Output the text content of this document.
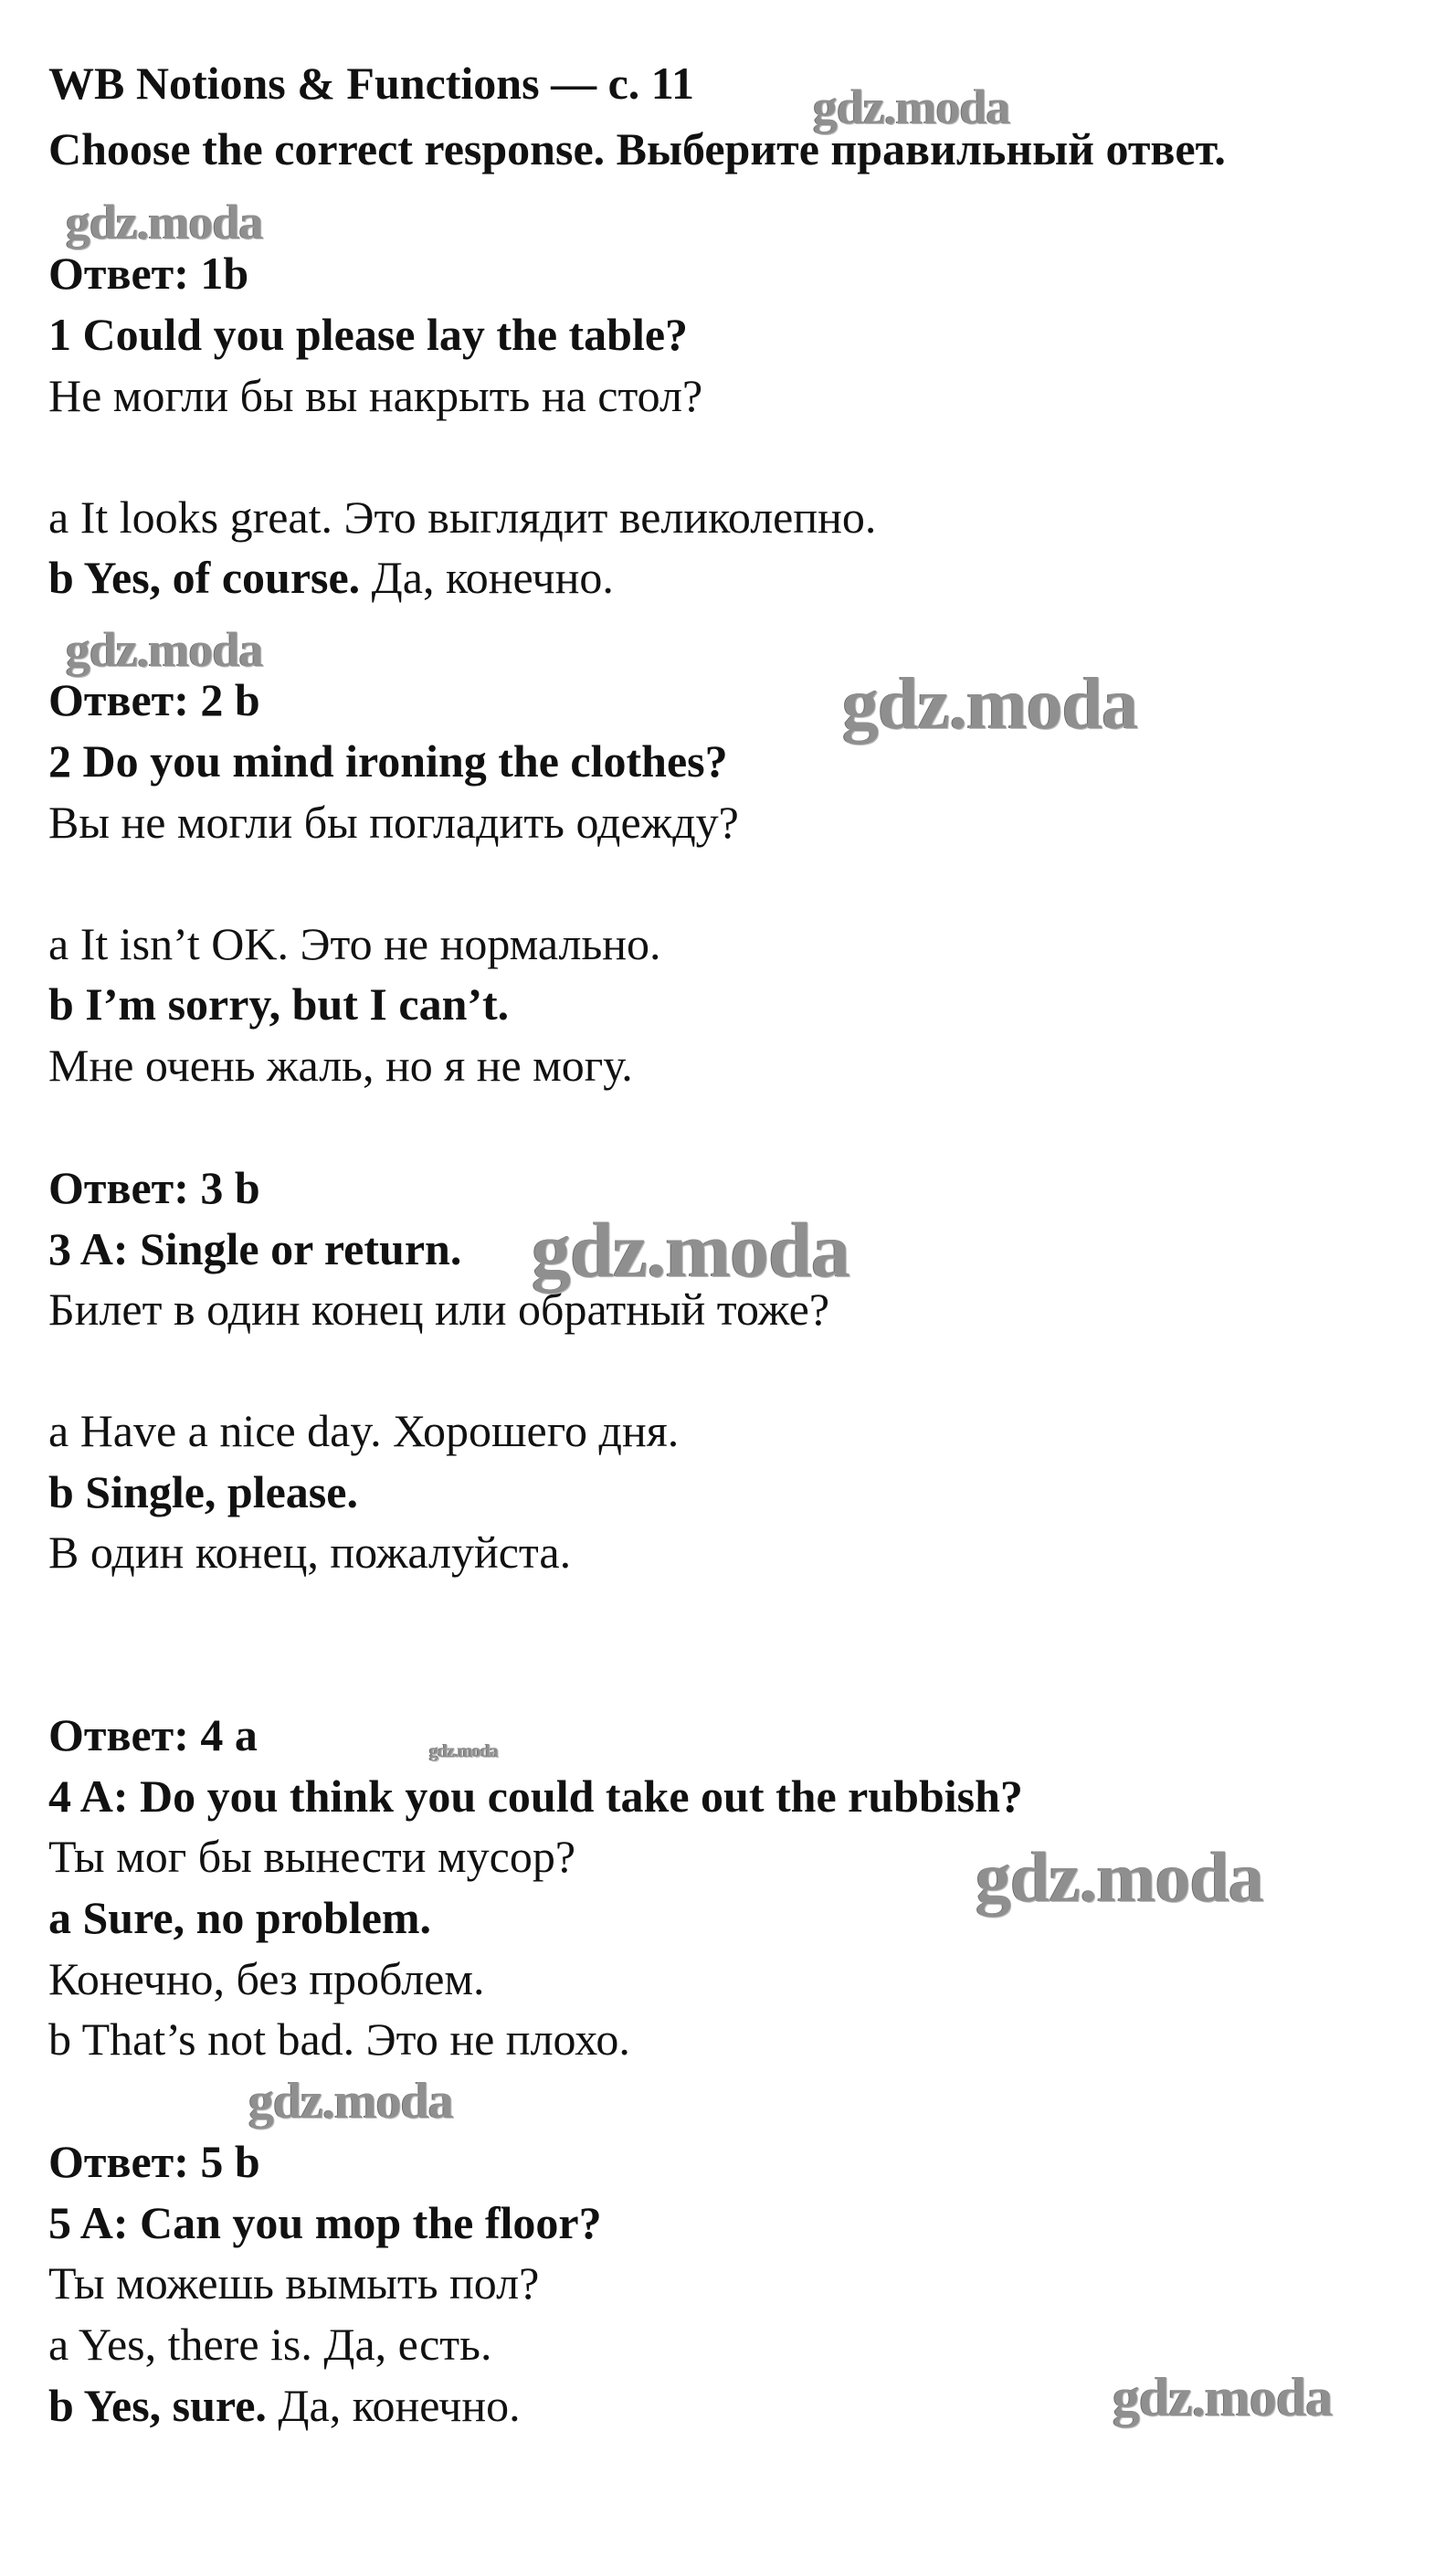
WB Notions & Functions — с. 11
Choose the correct response. Выберите правильный ответ.
Ответ: 1b
1 Could you please lay the table?
Не могли бы вы накрыть на стол?
a It looks great. Это выглядит великолепно.
b Yes, of course. Да, конечно.
Ответ: 2 b
2 Do you mind ironing the clothes?
Вы не могли бы погладить одежду?
a It isn’t OK. Это не нормально.
b I’m sorry, but I can’t.
Мне очень жаль, но я не могу.
Ответ: 3 b
3 A: Single or return.
Билет в один конец или обратный тоже?
a Have a nice day. Хорошего дня.
b Single, please.
В один конец, пожалуйста.
Ответ: 4 a
4 A: Do you think you could take out the rubbish?
Ты мог бы вынести мусор?
a Sure, no problem.
Конечно, без проблем.
b That’s not bad. Это не плохо.
Ответ: 5 b
5 A: Can you mop the floor?
Ты можешь вымыть пол?
a Yes, there is. Да, есть.
b Yes, sure. Да, конечно.
gdz.moda
gdz.moda
gdz.moda
gdz.moda
gdz.moda
gdz.moda
gdz.moda
gdz.moda
gdz.moda
